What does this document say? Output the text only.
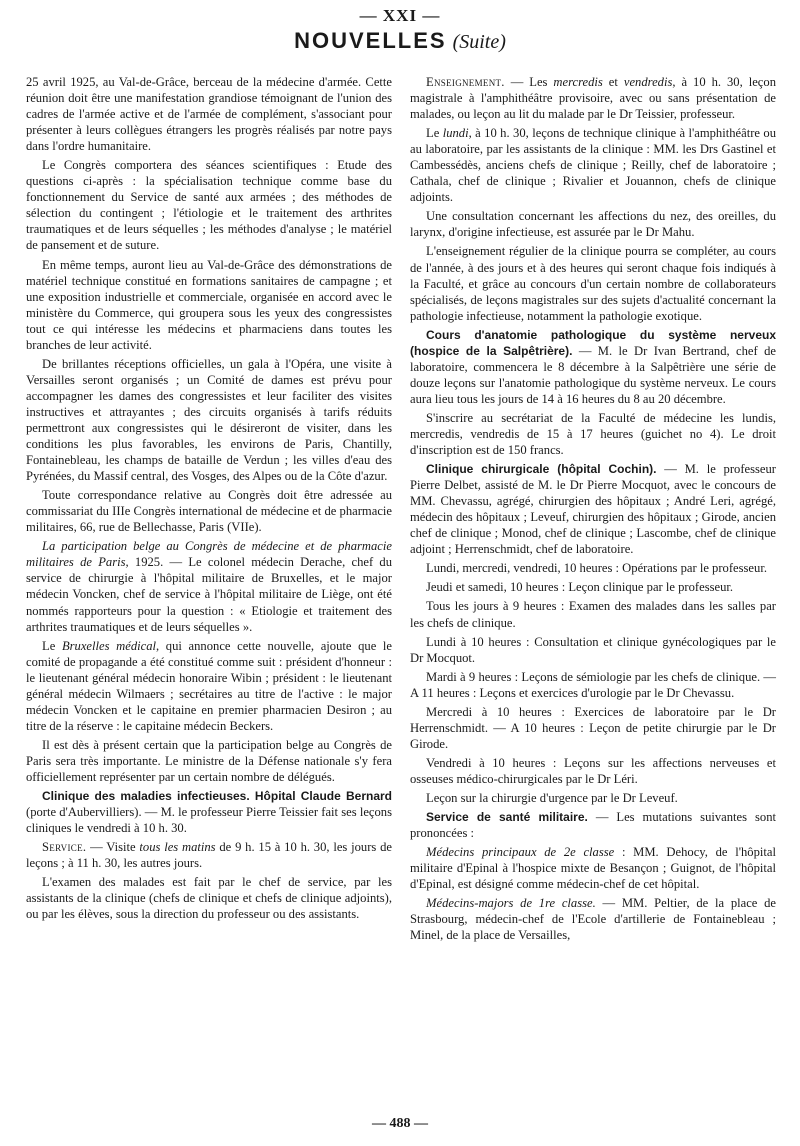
— XXI —
NOUVELLES (Suite)

25 avril 1925, au Val-de-Grâce, berceau de la médecine d'armée. Cette réunion doit être une manifestation grandiose témoignant de l'union des cadres de l'armée active et de l'armée de complément, s'associant pour présenter à leurs collègues étrangers les progrès réalisés par notre pays dans l'ordre humanitaire.

Le Congrès comportera des séances scientifiques : Etude des questions ci-après : la spécialisation technique comme base du fonctionnement du Service de santé aux armées ; des méthodes de sélection du contingent ; l'étiologie et le traitement des arthrites traumatiques et de leurs séquelles ; les méthodes d'analyse ; le matériel de pansement et de suture.

En même temps, auront lieu au Val-de-Grâce des démonstrations de matériel technique constitué en formations sanitaires de campagne ; et une exposition industrielle et commerciale, organisée en accord avec le ministère du Commerce, qui groupera sous les yeux des congressistes tout ce qui intéresse les médecins et pharmaciens dans toutes les branches de leur activité.

De brillantes réceptions officielles, un gala à l'Opéra, une visite à Versailles seront organisés ; un Comité de dames est prévu pour accompagner les dames des congressistes et leur faciliter des visites instructives et attrayantes ; des circuits organisés à tarifs réduits permettront aux congressistes qui le désireront de visiter, dans les conditions les plus favorables, les environs de Paris, Chantilly, Fontainebleau, les champs de bataille de Verdun ; les villes d'eau des Pyrénées, du Massif central, des Vosges, des Alpes ou de la Côte d'azur.

Toute correspondance relative au Congrès doit être adressée au commissariat du IIIe Congrès international de médecine et de pharmacie militaires, 66, rue de Bellechasse, Paris (VIIe).

La participation belge au Congrès de médecine et de pharmacie militaires de Paris, 1925. — Le colonel médecin Derache, chef du service de chirurgie à l'hôpital militaire de Bruxelles, et le major médecin Voncken, chef de service à l'hôpital militaire de Liège, ont été nommés rapporteurs pour la question : « Etiologie et traitement des arthrites traumatiques et de leurs séquelles ».

Le Bruxelles médical, qui annonce cette nouvelle, ajoute que le comité de propagande a été constitué comme suit : président d'honneur : le lieutenant général médecin honoraire Wibin ; président : le lieutenant général médecin Wilmaers ; secrétaires au titre de l'active : le major médecin Voncken et le capitaine en premier pharmacien Desiron ; au titre de la réserve : le capitaine médecin Beckers.

Il est dès à présent certain que la participation belge au Congrès de Paris sera très importante. Le ministre de la Défense nationale s'y fera officiellement représenter par un certain nombre de délégués.

Clinique des maladies infectieuses. Hôpital Claude Bernard (porte d'Aubervilliers). — M. le professeur Pierre Teissier fait ses leçons cliniques le vendredi à 10 h. 30.

Service. — Visite tous les matins de 9 h. 15 à 10 h. 30, les jours de leçons ; à 11 h. 30, les autres jours.

L'examen des malades est fait par le chef de service, par les assistants de la clinique (chefs de clinique et chefs de clinique adjoints), ou par les élèves, sous la direction du professeur ou des assistants.

Enseignement. — Les mercredis et vendredis, à 10 h. 30, leçon magistrale à l'amphithéâtre provisoire, avec ou sans présentation de malades, ou leçon au lit du malade par le Dr Teissier, professeur.

Le lundi, à 10 h. 30, leçons de technique clinique à l'amphithéâtre ou au laboratoire, par les assistants de la clinique : MM. les Drs Gastinel et Cambessédès, anciens chefs de clinique ; Reilly, chef de laboratoire ; Cathala, chef de clinique ; Rivalier et Jouannon, chefs de clinique adjoints.

Une consultation concernant les affections du nez, des oreilles, du larynx, d'origine infectieuse, est assurée par le Dr Mahu.

L'enseignement régulier de la clinique pourra se compléter, au cours de l'année, à des jours et à des heures qui seront chaque fois indiqués à la Faculté, et grâce au concours d'un certain nombre de collaborateurs spécialisés, de leçons magistrales sur des sujets d'actualité concernant la pathologie infectieuse, notamment la pathologie exotique.

Cours d'anatomie pathologique du système nerveux (hospice de la Salpêtrière). — M. le Dr Ivan Bertrand, chef de laboratoire, commencera le 8 décembre à la Salpêtrière une série de douze leçons sur l'anatomie pathologique du système nerveux. Le cours aura lieu tous les jours de 14 à 16 heures du 8 au 20 décembre.

S'inscrire au secrétariat de la Faculté de médecine les lundis, mercredis, vendredis de 15 à 17 heures (guichet no 4). Le droit d'inscription est de 150 francs.

Clinique chirurgicale (hôpital Cochin). — M. le professeur Pierre Delbet, assisté de M. le Dr Pierre Mocquot, avec le concours de MM. Chevassu, agrégé, chirurgien des hôpitaux ; André Leri, agrégé, médecin des hôpitaux ; Leveuf, chirurgien des hôpitaux ; Girode, ancien chef de clinique ; Monod, chef de clinique ; Lascombe, chef de clinique adjoint ; Herrenschmidt, chef de laboratoire.

Lundi, mercredi, vendredi, 10 heures : Opérations par le professeur.

Jeudi et samedi, 10 heures : Leçon clinique par le professeur.

Tous les jours à 9 heures : Examen des malades dans les salles par les chefs de clinique.

Lundi à 10 heures : Consultation et clinique gynécologiques par le Dr Mocquot.

Mardi à 9 heures : Leçons de sémiologie par les chefs de clinique. — A 11 heures : Leçons et exercices d'urologie par le Dr Chevassu.

Mercredi à 10 heures : Exercices de laboratoire par le Dr Herrenschmidt. — A 10 heures : Leçon de petite chirurgie par le Dr Girode.

Vendredi à 10 heures : Leçons sur les affections nerveuses et osseuses médico-chirurgicales par le Dr Léri.

Leçon sur la chirurgie d'urgence par le Dr Leveuf.

Service de santé militaire. — Les mutations suivantes sont prononcées :

Médecins principaux de 2e classe : MM. Dehocy, de l'hôpital militaire d'Epinal à l'hospice mixte de Besançon ; Guignot, de l'hôpital d'Epinal, est désigné comme médecin-chef de cet hôpital.

Médecins-majors de 1re classe. — MM. Peltier, de la place de Strasbourg, médecin-chef de l'Ecole d'artillerie de Fontainebleau ; Minel, de la place de Versailles,

— 488 —
